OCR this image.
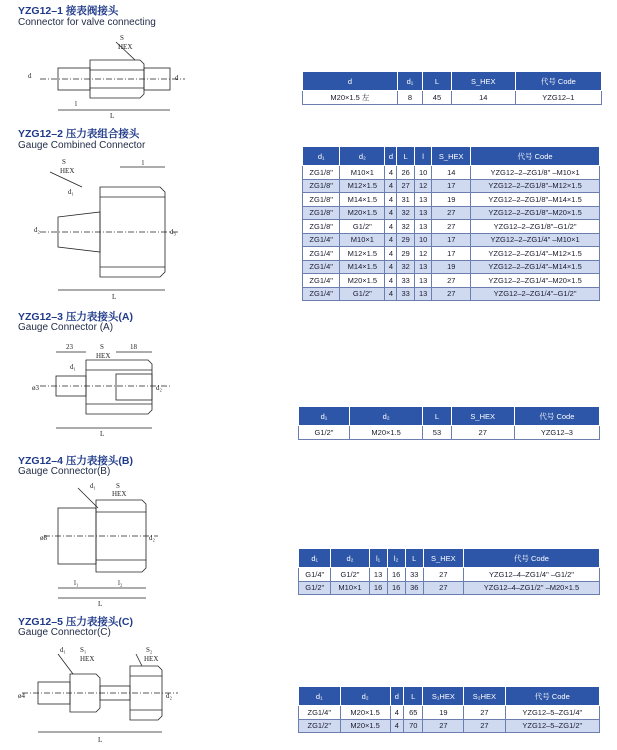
YZG12–1 接表阀接头
Connector for valve connecting
S
HEX
d	d
l
L
d	d₁	L	S_HEX	代号 Code
M20×1.5 左	8	45	14	YZG12–1
YZG12–2 压力表组合接头
Gauge Combined Connector
S
HEX
d₁
l
d₂	d₃
L
d₁	d₂	d	L	l	S_HEX	代号 Code
ZG1/8"	M10×1	4	26	10	14	YZG12–2–ZG1/8" –M10×1
ZG1/8"	M12×1.5	4	27	12	17	YZG12–2–ZG1/8"–M12×1.5
ZG1/8"	M14×1.5	4	31	13	19	YZG12–2–ZG1/8"–M14×1.5
ZG1/8"	M20×1.5	4	32	13	27	YZG12–2–ZG1/8"–M20×1.5
ZG1/8"	G1/2"	4	32	13	27	YZG12–2–ZG1/8"–G1/2"
ZG1/4"	M10×1	4	29	10	17	YZG12–2–ZG1/4" –M10×1
ZG1/4"	M12×1.5	4	29	12	17	YZG12–2–ZG1/4"–M12×1.5
ZG1/4"	M14×1.5	4	32	13	19	YZG12–2–ZG1/4"–M14×1.5
ZG1/4"	M20×1.5	4	33	13	27	YZG12–2–ZG1/4"–M20×1.5
ZG1/4"	G1/2"	4	33	13	27	YZG12–2–ZG1/4"–G1/2"
YZG12–3 压力表接头(A)
Gauge Connector (A)
23	S
HEX
18
d₁
ø3	d₂
L
d₁	d₂	L	S_HEX	代号 Code
G1/2"	M20×1.5	53	27	YZG12–3
YZG12–4 压力表接头(B)
Gauge Connector(B)
d₁	S
HEX
ø8	d₂
l₁	l₂
L
d₁	d₂	l₁	l₂	L	S_HEX	代号 Code
G1/4"	G1/2"	13	16	33	27	YZG12–4–ZG1/4" –G1/2"
G1/2"	M10×1	16	16	36	27	YZG12–4–ZG1/2" –M20×1.5
YZG12–5 压力表接头(C)
Gauge Connector(C)
d₁ S₁
HEX
S₂
HEX
ø4	d₂
L
d₁	d₂	d	L	S₁HEX	S₂HEX	代号 Code
ZG1/4"	M20×1.5	4	65	19	27	YZG12–5–ZG1/4"
ZG1/2"	M20×1.5	4	70	27	27	YZG12–5–ZG1/2"
